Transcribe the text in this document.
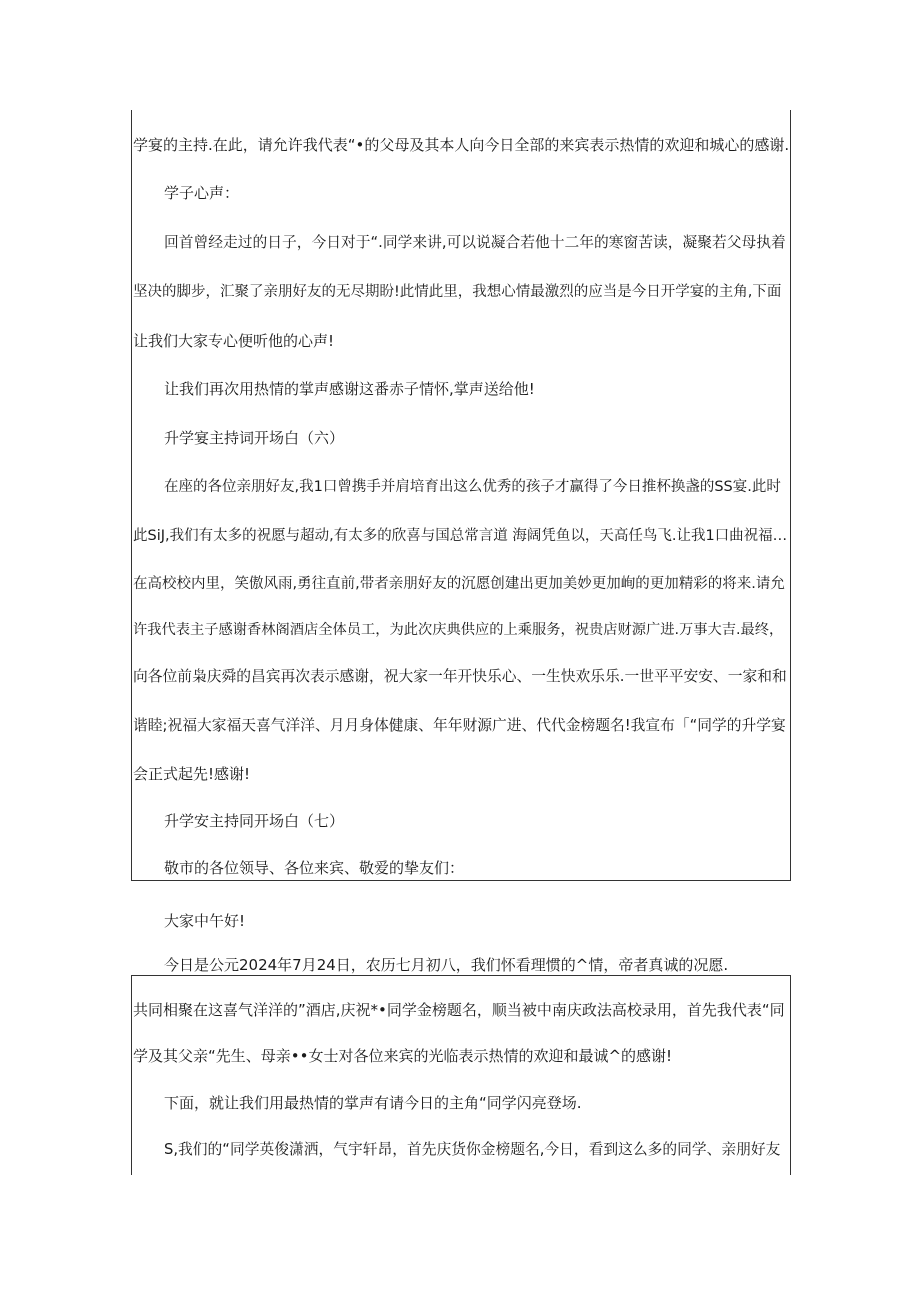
学宴的主持.在此，请允许我代表“•的父母及其本人向今日全部的来宾表示热情的欢迎和城心的感谢.

学子心声：

回首曾经走过的日子，今日对于“.同学来讲,可以说凝合若他十二年的寒窗苦读，凝聚若父母执着

坚决的脚步，汇聚了亲朋好友的无尽期盼!此情此里，我想心情最激烈的应当是今日开学宴的主角,下面

让我们大家专心便听他的心声!

让我们再次用热情的掌声感谢这番赤子情怀,掌声送给他!

升学宴主持词开场白（六）

在座的各位亲朋好友,我1口曾携手并肩培育出这么优秀的孩子才赢得了今日推杯换盏的SS宴.此时

此SiJ,我们有太多的祝愿与超动,有太多的欣喜与国总常言道 海阔凭鱼以，天高任鸟飞.让我1口曲祝福…

在高校校内里，笑傲风雨,勇往直前,带者亲朋好友的沉愿创建出更加美妙更加峋的更加精彩的将来.请允

许我代表主子感谢香林阁酒店全体员工，为此次庆典供应的上乘服务，祝贵店财源广进.万事大吉.最终，

向各位前枭庆舜的昌宾再次表示感谢，祝大家一年开快乐心、一生快欢乐乐.一世平平安安、一家和和

谐睦;祝福大家福天喜气洋洋、月月身体健康、年年财源广进、代代金榜题名!我宣布「“同学的升学宴

会正式起先!感谢!

升学安主持同开场白（七）

敬市的各位领导、各位来宾、敬爱的挚友们：

大家中午好!

今日是公元2024年7月24日，农历七月初八，我们怀看理惯的^情，帝者真诚的况愿.

共同相聚在这喜气洋洋的”酒店,庆祝*•同学金榜题名，顺当被中南庆政法高校录用，首先我代表“同

学及其父亲“先生、母亲••女士对各位来宾的光临表示热情的欢迎和最诚^的感谢!

下面，就让我们用最热情的掌声有请今日的主角“同学闪亮登场.

S,我们的“同学英俊潇洒，气宇轩昂，首先庆货你金榜题名,今日，看到这么多的同学、亲朋好友
